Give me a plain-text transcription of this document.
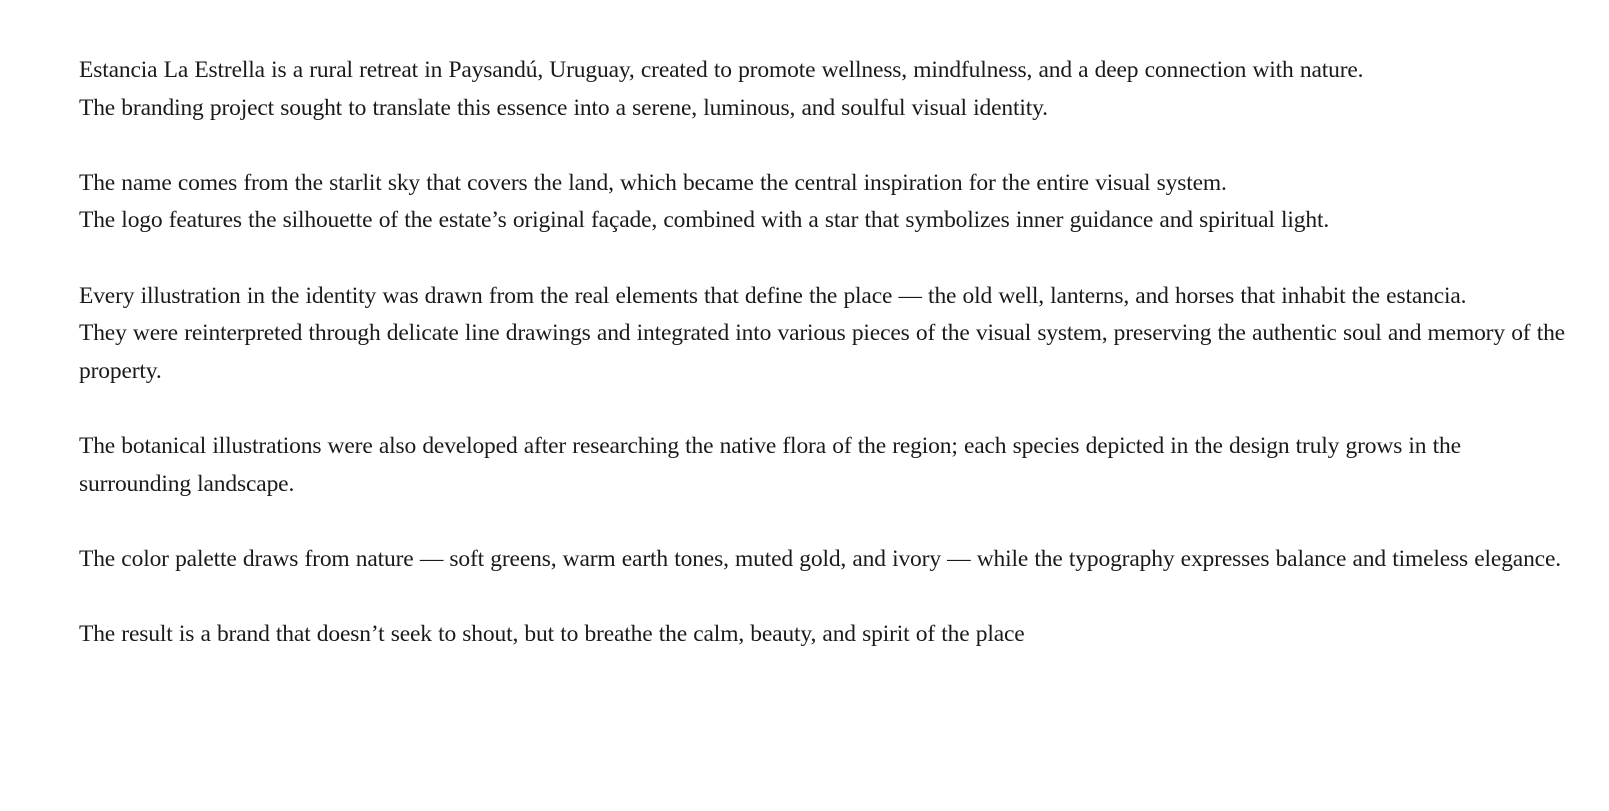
Estancia La Estrella is a rural retreat in Paysandú, Uruguay, created to promote wellness, mindfulness, and a deep connection with nature.
The branding project sought to translate this essence into a serene, luminous, and soulful visual identity.

The name comes from the starlit sky that covers the land, which became the central inspiration for the entire visual system.
The logo features the silhouette of the estate’s original façade, combined with a star that symbolizes inner guidance and spiritual light.

Every illustration in the identity was drawn from the real elements that define the place — the old well, lanterns, and horses that inhabit the estancia.
They were reinterpreted through delicate line drawings and integrated into various pieces of the visual system, preserving the authentic soul and memory of the property.

The botanical illustrations were also developed after researching the native flora of the region; each species depicted in the design truly grows in the surrounding landscape.

The color palette draws from nature — soft greens, warm earth tones, muted gold, and ivory — while the typography expresses balance and timeless elegance.

The result is a brand that doesn’t seek to shout, but to breathe the calm, beauty, and spirit of the place
